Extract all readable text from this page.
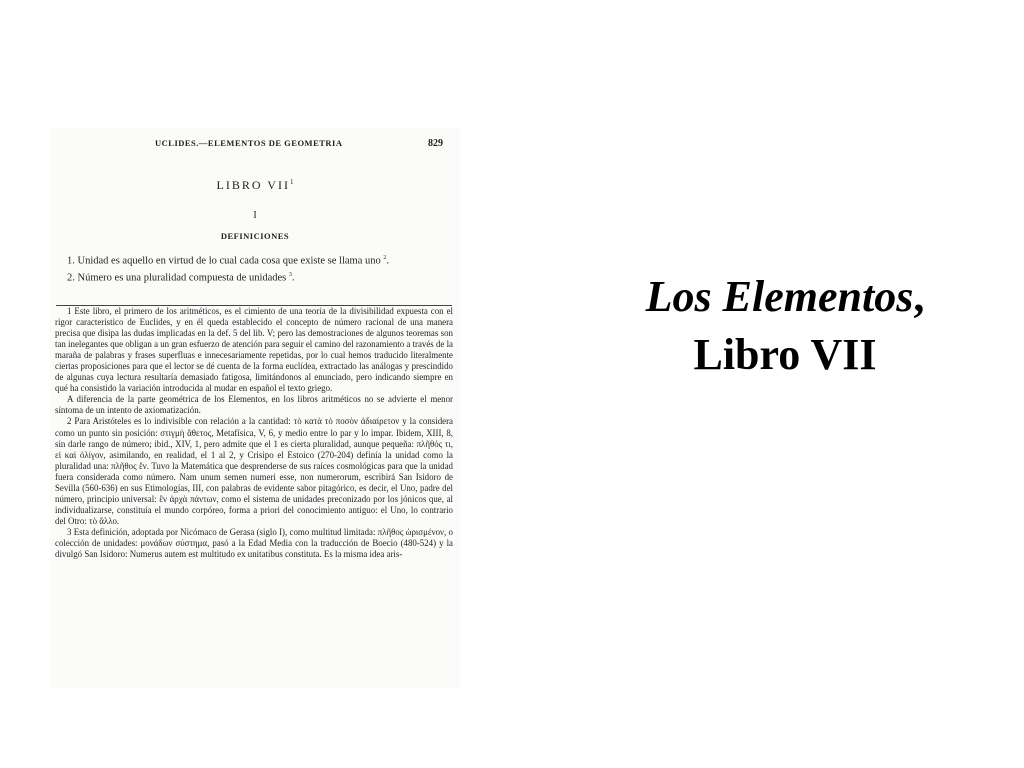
UCLIDES.—ELEMENTOS DE GEOMETRIA	829
LIBRO VII$^1$
I
DEFINICIONES

1. Unidad es aquello en virtud de lo cual cada cosa que existe se llama uno $^2$.

2. Número es una pluralidad compuesta de unidades $^3$.

1 Este libro, el primero de los aritméticos, es el cimiento de una teoría de la divisibilidad expuesta con el rigor característico de Euclides, y en él queda establecido el concepto de número racional de una manera precisa que disipa las dudas implicadas en la def. 5 del lib. V; pero las demostraciones de algunos teoremas son tan inelegantes que obligan a un gran esfuerzo de atención para seguir el camino del razonamiento a través de la maraña de palabras y frases superfluas e innecesariamente repetidas, por lo cual hemos traducido literalmente ciertas proposiciones para que el lector se dé cuenta de la forma euclídea, extractado las análogas y prescindido de algunas cuya lectura resultaría demasiado fatigosa, limitándonos al enunciado, pero indicando siempre en qué ha consistido la variación introducida al mudar en español el texto griego.

A diferencia de la parte geométrica de los Elementos, en los libros aritméticos no se advierte el menor síntoma de un intento de axiomatización.

2 Para Aristóteles es lo indivisible con relación a la cantidad: τὸ κατὰ τὸ ποσὸν ἀδιαίρετον y la considera como un punto sin posición: στιγμὴ ἄθετος, Metafísica, V, 6, y medio entre lo par y lo impar. Ibidem, XIII, 8, sin darle rango de número; ibid., XIV, 1, pero admite que el 1 es cierta pluralidad, aunque pequeña: πλῆθός τι, εἰ καὶ ὀλίγον, asimilando, en realidad, el 1 al 2, y Crisipo el Estoico (270-204) definía la unidad como la pluralidad una: πλῆθος ἕν. Tuvo la Matemática que desprenderse de sus raíces cosmológicas para que la unidad fuera considerada como número. Nam unum semen numeri esse, non numerorum, escribirá San Isidoro de Sevilla (560-636) en sus Etimologías, III, con palabras de evidente sabor pitagórico, es decir, el Uno, padre del número, principio universal: ἓν ἀρχὰ πάντων, como el sistema de unidades preconizado por los jónicos que, al individualizarse, constituía el mundo corpóreo, forma a priori del conocimiento antiguo: el Uno, lo contrario del Otro: τὸ ἄλλο.

3 Esta definición, adoptada por Nicómaco de Gerasa (siglo I), como multitud limitada: πλῆθος ὡρισμένον, o colección de unidades: μονάδων σύστημα, pasó a la Edad Media con la traducción de Boecio (480-524) y la divulgó San Isidoro: Numerus autem est multitudo ex unitatibus constituta. Es la misma idea aris-

Los Elementos,
Libro VII
